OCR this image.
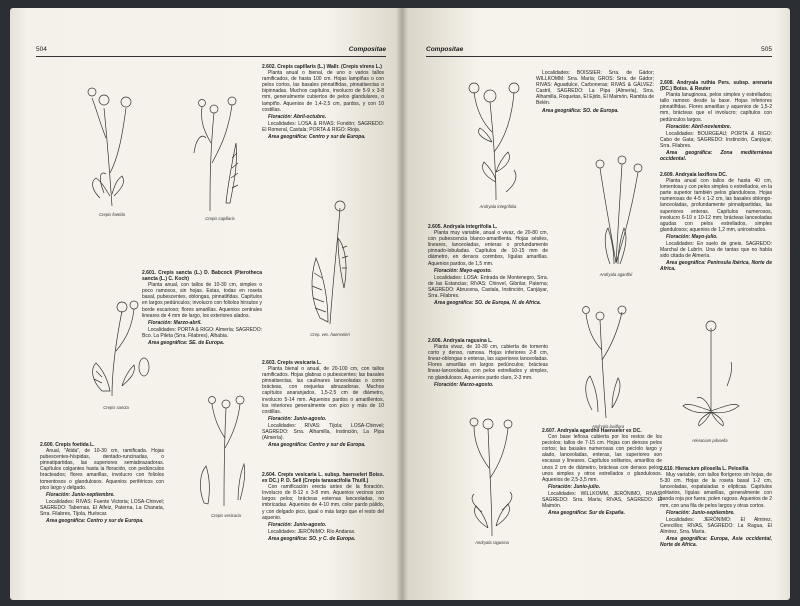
504	Compositae
Crepis foetida
Crepis capillaris
Crepis sancta
Crep. ves. haenseleri
Crepis vesicaria
2.602. Crepis capillaris (L.) Wallr. (Crepis virens L.)
Planta anual o bienal, de uno o varios tallos ramificados, de hasta 100 cm. Hojas lampiñas o con pelos cortos, las basales pinnatífidas, pinnatisectas o bipinnadas. Muchos capítulos, involucro de 5-9 x 3-8 mm, generalmente cubiertos de pelos glandulares, o lampiño. Aquenios de 1,4-2,5 cm, pardos, y con 10 costillas.
Floración: Abril-octubre.
Localidades: LOSA & RIVAS: Fondón; SAGREDO: El Romeral, Castala; PORTA & RIGO: Rioja.
Area geográfica: Centro y sur de Europa.
2.601. Crepis sancta (L.) D. Babcock (Pterotheca sancta (L.) C. Koch)
Planta anual, con tallos de 10-30 cm, simples o poco ramosos, sin hojas. Estas, todas en roseta basal, pubescentes, oblongas, pinnatífidas. Capítulos en largos pedúnculos; involucro con foliolos hirsutos y borde escarioso; flores amarillas. Aquenios centrales lineares de 4 mm de largo, los exteriores alados.
Floración: Marzo-abril.
Localidades: PORTA & RIGO: Almería; SAGREDO: Bco. La Pileta (Srra. Filabres), Alhabia.
Area geográfica: SE. de Europa.
2.603. Crepis vesicaria L.
Planta bienal o anual, de 20-100 cm, con tallos ramificados. Hojas glabras o pubescentes; las basales pinnatisectas, las caulinares lanceoladas o como brácteas, con orejuelas abrazadoras. Muchos capítulos anaranjados, 1,5-2,5 cm de diámetro, involucro 5-14 mm. Aquenios pardos o amarillentos, los interiores generalmente con pico y más de 10 costillas.
Floración: Junio-agosto.
Localidades: RIVAS: Tíjola; LOSA-Chinvel; SAGREDO: Srra. Alhamilla, Instinción, La Pipa (Almería).
Area geográfica: Centro y sur de Europa.
2.604. Crepis vesicaria L. subsp. haenseleri Boiss. ex DC.) P. D. Sell (Crepis taraxacifolia Thuill.)
Con ramificación erecta antes de la floración. Involucro de 8-12 x 3-8 mm. Aquenios vecinos con largos pelos; brácteas externas lanceoladas, no imbricadas. Aquenios de 4-10 mm, color pardo pálido, y con delgado pico, igual o más largo que el resto del aquenio.
Floración: Junio-agosto.
Localidades: JERÓNIMO: Río Andarax.
Area geográfica: SO. y C. de Europa.
2.600. Crepis foetida L.
Anual, "Atida", de 10-30 cm, ramificada. Hojas pubescentes-híspidas, dentado-runcinadas, o pinnatipartidas, las superiores semiabrazadoras. Capítulos colgantes hasta la floración, con pedúnculos bracteados; flores amarillas, involucro con foliolos tomentosos o glandulosos. Aquenios periféricos con pico largo y delgado.
Floración: Junio-septiembre.
Localidades: RIVAS: Fuente Victoria; LOSA-Chinvel; SAGREDO: Tabernas, El Alfeiz, Paterna, La Chanata, Srra. Filabres, Tíjola, Huéscar.
Area geográfica: Centro y sur de Europa.
Compositae	505
Andryala integrifolia
Andryala agardhii
Andryala laxiflora
Andryala ragusina
Hieracium pilosella
Localidades: BOISSIER: Srra. de Gádor; WILLKOMM: Srra. María; GROS: Srra. de Gádor; RIVAS: Aguadulce, Carboneras; RIVAS & GÁLVEZ: Castril, SAGREDO: La Pipa (Almería), Srra. Alhamilla, Roquetas, El Ejido, El Maimón, Rambla de Belén.
Area geográfica: SO. de Europa.
2.605. Andryala integrifolia L.
Planta muy variable, anual o vivaz, de 20-80 cm, con pubescencia blanco-amarillenta. Hojas sésiles, lineares, lanceoladas, enteras o profundamente pinnado-lobuladas. Capítulos de 10-15 mm de diámetro, en densos corimbos, lígulas amarillas. Aquenios pardos, de 1,5 mm.
Floración: Mayo-agosto.
Localidades: LOSA: Entrada de Montenegro, Srra. de las Estancias; RIVAS: Chinvel, Gibrilar, Paterna; SAGREDO: Abrucena, Castala, Instinción, Canjáyar, Srra. Filabres.
Area geográfica: SO. de Europa, N. de Africa.
2.606. Andryala ragusina L.
Planta vivaz, de 10-30 cm, cubierta de tomento corto y denso, ramosa. Hojas inferiores 2-8 cm, linear-oblongas o enteras, las superiores lanceoladas. Flores amarillas en largos pedúnculos; brácteas linear-lanceoladas, con pelos estrellados y simples, no glandulosos. Aquenios pardo claro, 2-3 mm.
Floración: Marzo-agosto.
2.607. Andryala agardhii Haenseler ex DC.
Con base leñosa cubierta por los restos de los peciolos; tallos de 7-15 cm. Hojas con densos pelos cortos; las basales numerosas con pecíolo largo y alado, lanceoladas, enteras, las superiores son escasas y lineares. Capítulos solitarios, amarillos de unos 2 cm de diámetro, brácteas con densos pelos; unos simples y otros estrellados o glandulosos. Aquenios de 2,5-3,5 mm.
Floración: Junio-julio.
Localidades: WILLKOMM, JERÓNIMO, RIVAS, SAGREDO: Srra. María; RIVAS, SAGREDO: El Maimón.
Area geográfica: Sur de España.
2.608. Andryala ruthia Pers. subsp. arenaria (DC.) Boiss. & Reuter
Planta lanuginosa, pelos simples y estrellados; tallo ramoso desde la base. Hojas inferiores pinnatífidas. Flores amarillas y aquenios de 1,5-2 mm, brácteas que el involucro; capítulos con pedúnculos largos.
Floración: Abril-noviembre.
Localidades: BOURGEAU; PORTA & RIGO: Cabo de Gata; SAGREDO: Instinción, Canjáyar, Srra. Filabres.
Area geográfica: Zona mediterránea occidental.
2.609. Andryala laxiflora DC.
Planta anual con tallos de hasta 40 cm, lomentosa y con pelos simples o estrellados, en la parte superior también pelos glandulosos. Hojas numerosas de 4-5 x 1-2 cm, las basales oblongo-lanceoladas, profundamente pinnatipartidas, las superiores enteras. Capítulos numerosos, involucro 6-10 x 10-12 mm; brácteas lanceoladas agudas con pelos estrellados, simples glandulosos; aquenios de 1,2 mm, unirostrados.
Floración: Mayo-julio.
Localidades: En suelo de gneis. SAGREDO: Marchal de Lubrín. Una de tantas que no había sido citada de Almería.
Area geográfica: Península Ibérica, Norte de Africa.
2.610. Hieracium pilosella L. Pelosilla
Muy variable, con tallos florígeros sin hojas, de 5-30 cm. Hojas de la roseta basal 1-2 cm, lanceoladas, espatuladas o elípticas. Capítulos solitarios, lígulas amarillas, generalmente con banda roja por fuera; polen rugoso. Aquenios de 2 mm, con una fila de pelos largos y otras cortos.
Floración: Junio-septiembre.
Localidades: JERÓNIMO: El Almirez, Cerecillos; RIVAS, SAGREDO: La Ragua, El Almirez, Srra. María.
Area geográfica: Europa, Asia occidental, Norte de Africa.
